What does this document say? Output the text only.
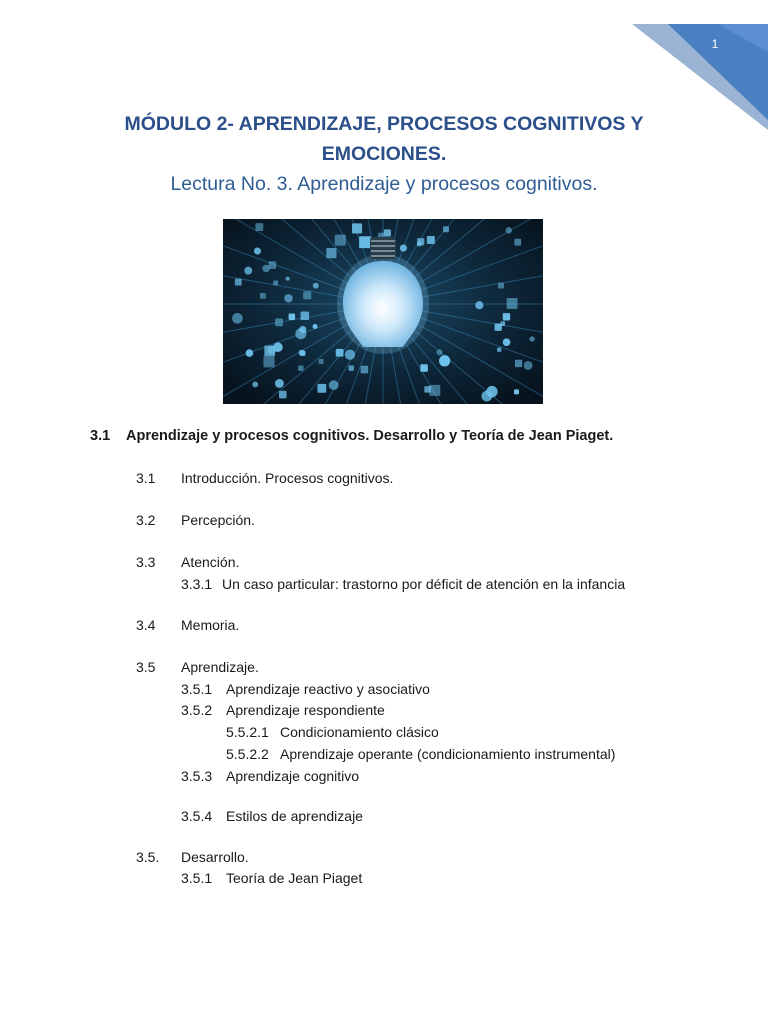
1
MÓDULO 2- APRENDIZAJE, PROCESOS COGNITIVOS Y
EMOCIONES.
Lectura No. 3. Aprendizaje y procesos cognitivos.
3.1 Aprendizaje y procesos cognitivos. Desarrollo y Teoría de Jean Piaget.
3.1 Introducción. Procesos cognitivos.
3.2 Percepción.
3.3 Atención.
3.3.1 Un caso particular: trastorno por déficit de atención en la infancia
3.4 Memoria.
3.5 Aprendizaje.
3.5.1 Aprendizaje reactivo y asociativo
3.5.2 Aprendizaje respondiente
5.5.2.1 Condicionamiento clásico
5.5.2.2 Aprendizaje operante (condicionamiento instrumental)
3.5.3 Aprendizaje cognitivo
3.5.4 Estilos de aprendizaje
3.5. Desarrollo.
3.5.1 Teoría de Jean Piaget
